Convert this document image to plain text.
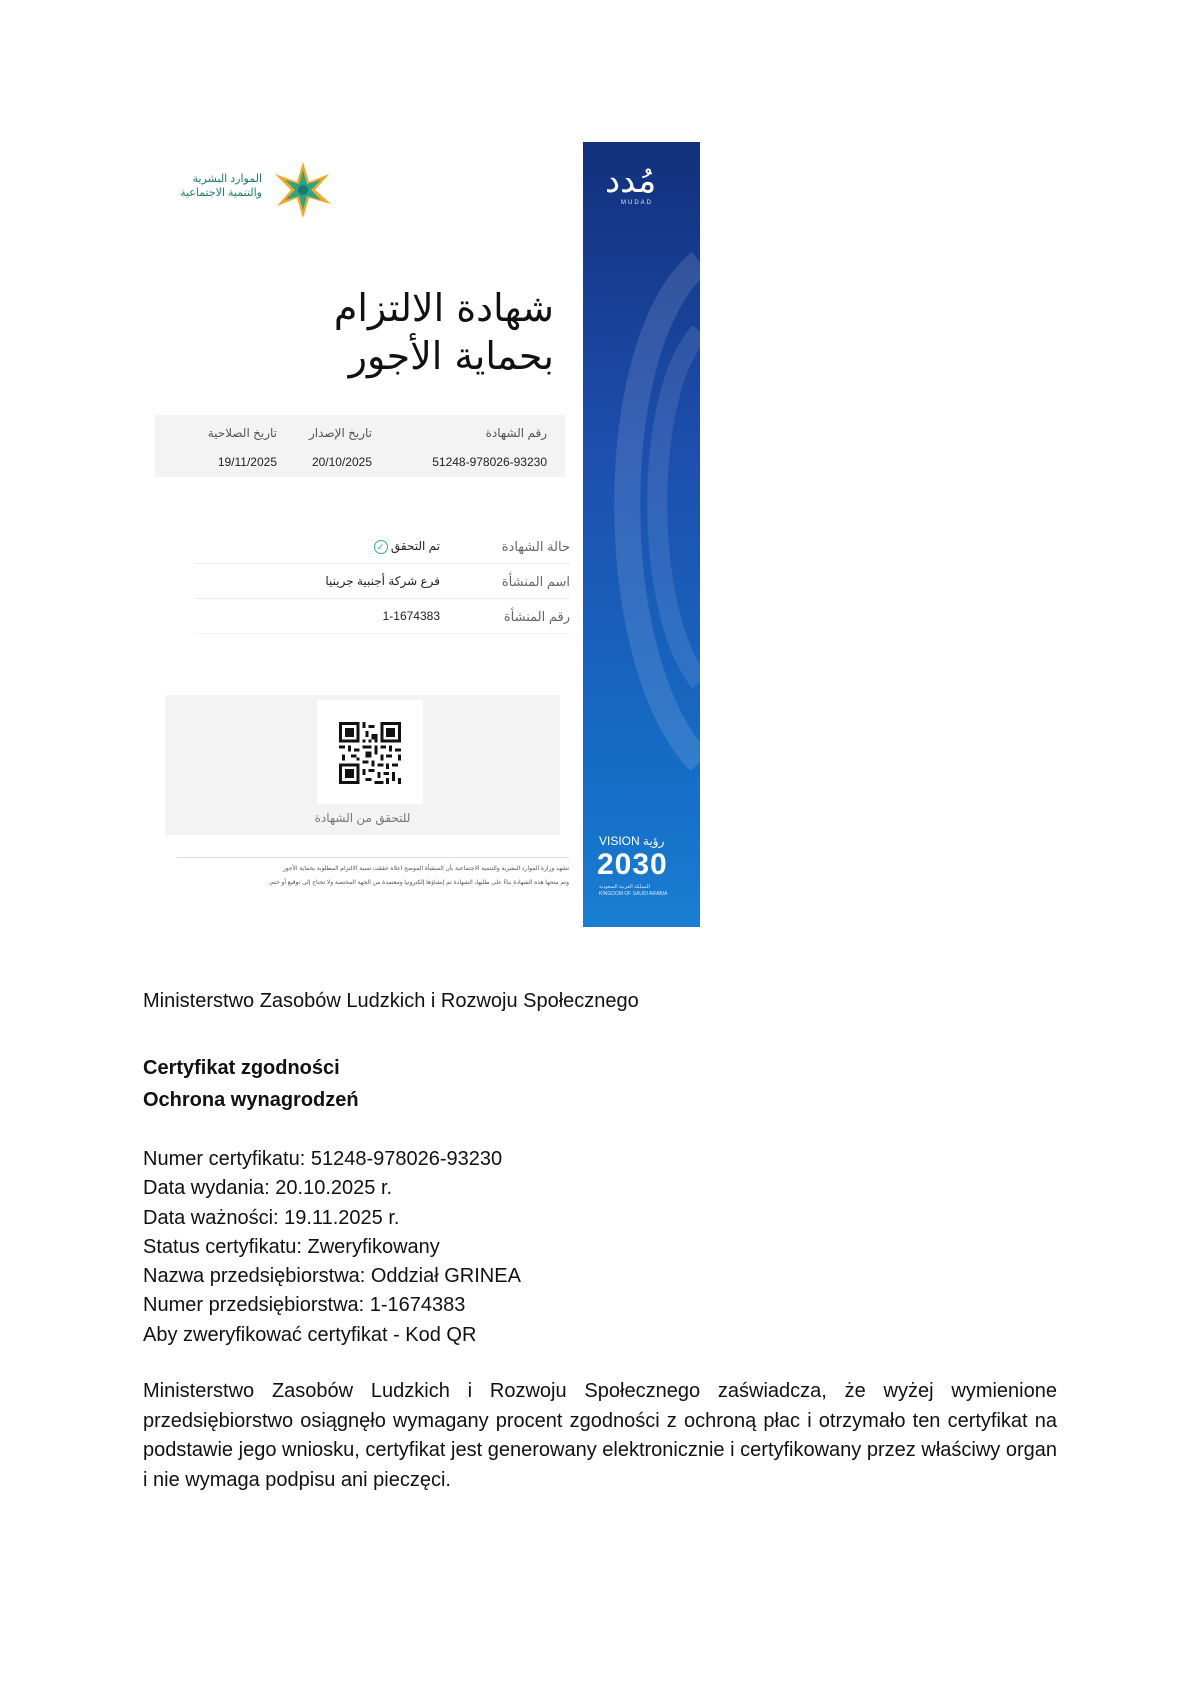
الموارد البشرية
والتنمية الاجتماعية
شهادة الالتزام
بحماية الأجور
رقم الشهادة
51248-978026-93230
تاريخ الإصدار
20/10/2025
تاريخ الصلاحية
19/11/2025
حالة الشهادة
تم التحقق ✓
اسم المنشأة
فرع شركة أجنبية جرينيا
رقم المنشأة
1-1674383
للتحقق من الشهادة
تشهد وزارة الموارد البشرية والتنمية الاجتماعية بأن المنشأة الموضح اعلاه حققت نسبة الالتزام المطلوبة بحماية الأجور
وتم منحها هذه الشهادة بناءً على طلبها، الشهادة تم إنشاؤها إلكترونيا ومعتمدة من الجهة المختصة ولا تحتاج إلى توقيع أو ختم.
مُدد
MUDAD
VISION رؤية
2030
المملكة العربية السعودية
KINGDOM OF SAUDI ARABIA
Ministerstwo Zasobów Ludzkich i Rozwoju Społecznego
Certyfikat zgodności
Ochrona wynagrodzeń
Numer certyfikatu: 51248-978026-93230
Data wydania: 20.10.2025 r.
Data ważności: 19.11.2025 r.
Status certyfikatu: Zweryfikowany
Nazwa przedsiębiorstwa: Oddział GRINEA
Numer przedsiębiorstwa: 1-1674383
Aby zweryfikować certyfikat - Kod QR
Ministerstwo Zasobów Ludzkich i Rozwoju Społecznego zaświadcza, że wyżej wymienione przedsiębiorstwo osiągnęło wymagany procent zgodności z ochroną płac i otrzymało ten certyfikat na podstawie jego wniosku, certyfikat jest generowany elektronicznie i certyfikowany przez właściwy organ i nie wymaga podpisu ani pieczęci.
